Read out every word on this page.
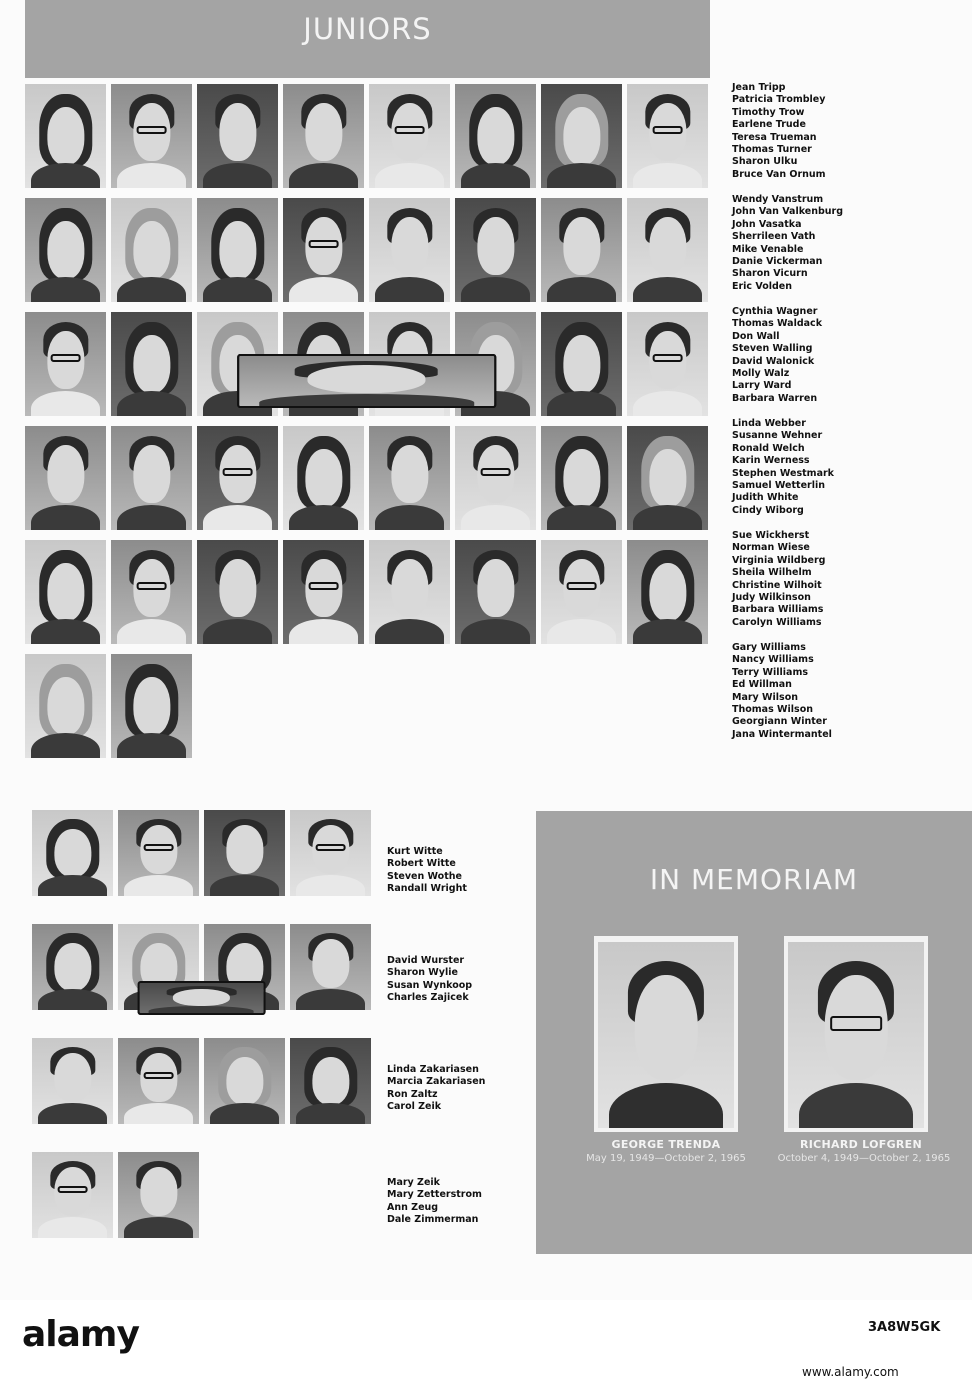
JUNIORS
Jean Tripp
Patricia Trombley
Timothy Trow
Earlene Trude
Teresa Trueman
Thomas Turner
Sharon Ulku
Bruce Van Ornum
Wendy Vanstrum
John Van Valkenburg
John Vasatka
Sherrileen Vath
Mike Venable
Danie Vickerman
Sharon Vicurn
Eric Volden
Cynthia Wagner
Thomas Waldack
Don Wall
Steven Walling
David Walonick
Molly Walz
Larry Ward
Barbara Warren
Linda Webber
Susanne Wehner
Ronald Welch
Karin Werness
Stephen Westmark
Samuel Wetterlin
Judith White
Cindy Wiborg
Sue Wickherst
Norman Wiese
Virginia Wildberg
Sheila Wilhelm
Christine Wilhoit
Judy Wilkinson
Barbara Williams
Carolyn Williams
Gary Williams
Nancy Williams
Terry Williams
Ed Willman
Mary Wilson
Thomas Wilson
Georgiann Winter
Jana Wintermantel
Kurt Witte
Robert Witte
Steven Wothe
Randall Wright
David Wurster
Sharon Wylie
Susan Wynkoop
Charles Zajicek
Linda Zakariasen
Marcia Zakariasen
Ron Zaltz
Carol Zeik
Mary Zeik
Mary Zetterstrom
Ann Zeug
Dale Zimmerman
IN MEMORIAM
GEORGE TRENDA
May 19, 1949—October 2, 1965
RICHARD LOFGREN
October 4, 1949—October 2, 1965
alamy	3A8W5GK
www.alamy.com
